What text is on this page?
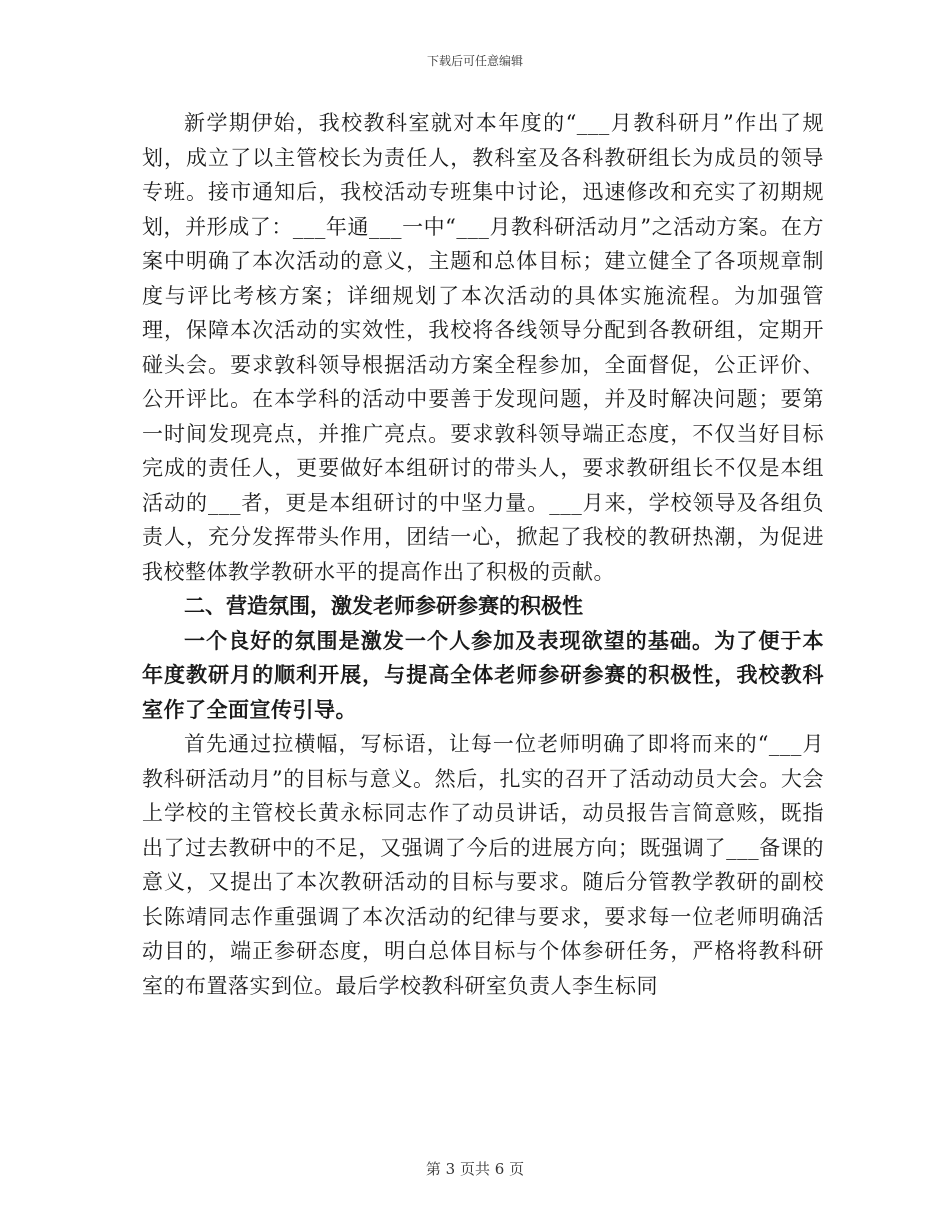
下载后可任意编辑

新学期伊始，我校教科室就对本年度的“___月教科研月”作出了规划，成立了以主管校长为责任人，教科室及各科教研组长为成员的领导专班。接市通知后，我校活动专班集中讨论，迅速修改和充实了初期规划，并形成了：___年通___一中“___月教科研活动月”之活动方案。在方案中明确了本次活动的意义，主题和总体目标；建立健全了各项规章制度与评比考核方案；详细规划了本次活动的具体实施流程。为加强管理，保障本次活动的实效性，我校将各线领导分配到各教研组，定期开碰头会。要求敦科领导根据活动方案全程参加，全面督促，公正评价、公开评比。在本学科的活动中要善于发现问题，并及时解决问题；要第一时间发现亮点，并推广亮点。要求敦科领导端正态度，不仅当好目标完成的责任人，更要做好本组研讨的带头人，要求教研组长不仅是本组活动的___者，更是本组研讨的中坚力量。___月来，学校领导及各组负责人，充分发挥带头作用，团结一心，掀起了我校的教研热潮，为促进我校整体教学教研水平的提高作出了积极的贡献。

二、营造氛围，激发老师参研参赛的积极性

一个良好的氛围是激发一个人参加及表现欲望的基础。为了便于本年度教研月的顺利开展，与提高全体老师参研参赛的积极性，我校教科室作了全面宣传引导。

首先通过拉横幅，写标语，让每一位老师明确了即将而来的“___月教科研活动月”的目标与意义。然后，扎实的召开了活动动员大会。大会上学校的主管校长黄永标同志作了动员讲话，动员报告言简意赅，既指出了过去教研中的不足，又强调了今后的进展方向；既强调了___备课的意义，又提出了本次教研活动的目标与要求。随后分管教学教研的副校长陈靖同志作重强调了本次活动的纪律与要求，要求每一位老师明确活动目的，端正参研态度，明白总体目标与个体参研任务，严格将教科研室的布置落实到位。最后学校教科研室负责人李生标同

第 3 页共 6 页
